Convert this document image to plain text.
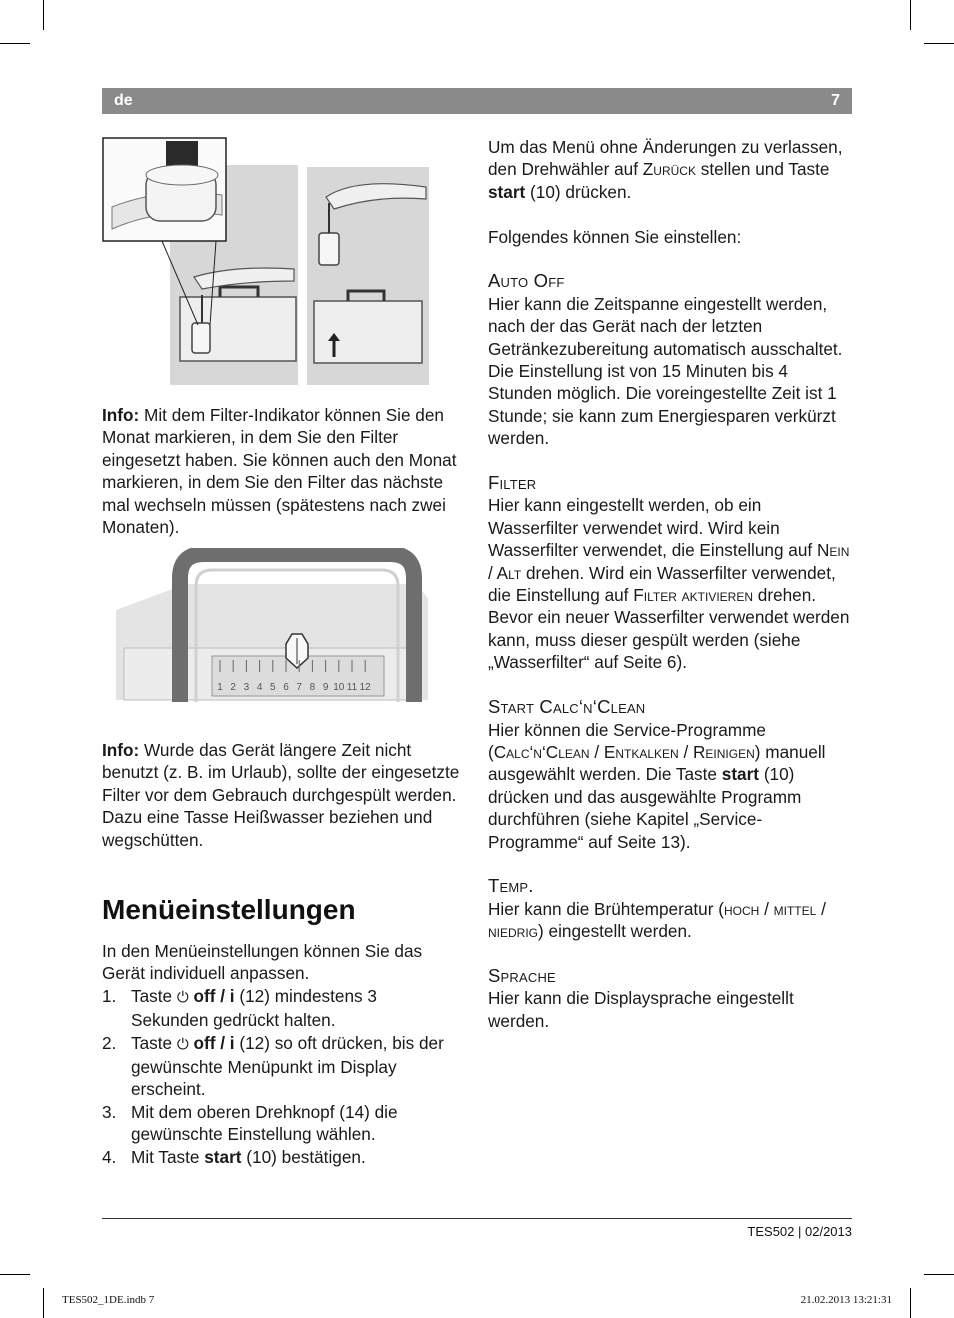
de	7

Info: Mit dem Filter-Indikator können Sie den Monat markieren, in dem Sie den Filter eingesetzt haben. Sie können auch den Monat markieren, in dem Sie den Filter das nächste mal wechseln müssen (spätestens nach zwei Monaten).

1 2 3 4 5 6 7 8 9 10 11 12

Info: Wurde das Gerät längere Zeit nicht benutzt (z. B. im Urlaub), sollte der eingesetzte Filter vor dem Gebrauch durchgespült werden. Dazu eine Tasse Heißwasser beziehen und wegschütten.

Menüeinstellungen

In den Menüeinstellungen können Sie das Gerät individuell anpassen.

1. Taste ⏻ off / i (12) mindestens 3 Sekunden gedrückt halten.
2. Taste ⏻ off / i (12) so oft drücken, bis der gewünschte Menüpunkt im Display erscheint.
3. Mit dem oberen Drehknopf (14) die gewünschte Einstellung wählen.
4. Mit Taste start (10) bestätigen.

Um das Menü ohne Änderungen zu verlassen, den Drehwähler auf Zurück stellen und Taste start (10) drücken.

Folgendes können Sie einstellen:

Auto Off

Hier kann die Zeitspanne eingestellt werden, nach der das Gerät nach der letzten Getränkezubereitung automatisch ausschaltet. Die Einstellung ist von 15 Minuten bis 4 Stunden möglich. Die voreingestellte Zeit ist 1 Stunde; sie kann zum Energiesparen verkürzt werden.

Filter

Hier kann eingestellt werden, ob ein Wasserfilter verwendet wird. Wird kein Wasserfilter verwendet, die Einstellung auf Nein / Alt drehen. Wird ein Wasserfilter verwendet, die Einstellung auf Filter aktivieren drehen. Bevor ein neuer Wasserfilter verwendet werden kann, muss dieser gespült werden (siehe „Wasserfilter“ auf Seite 6).

Start Calc‘n‘Clean

Hier können die Service-Programme (Calc‘n‘Clean / Entkalken / Reinigen) manuell ausgewählt werden. Die Taste start (10) drücken und das ausgewählte Programm durchführen (siehe Kapitel „Service-Programme“ auf Seite 13).

Temp.

Hier kann die Brühtemperatur (hoch / mittel / niedrig) eingestellt werden.

Sprache

Hier kann die Displaysprache eingestellt werden.

TES502 | 02/2013
TES502_1DE.indb 7	21.02.2013 13:21:31
